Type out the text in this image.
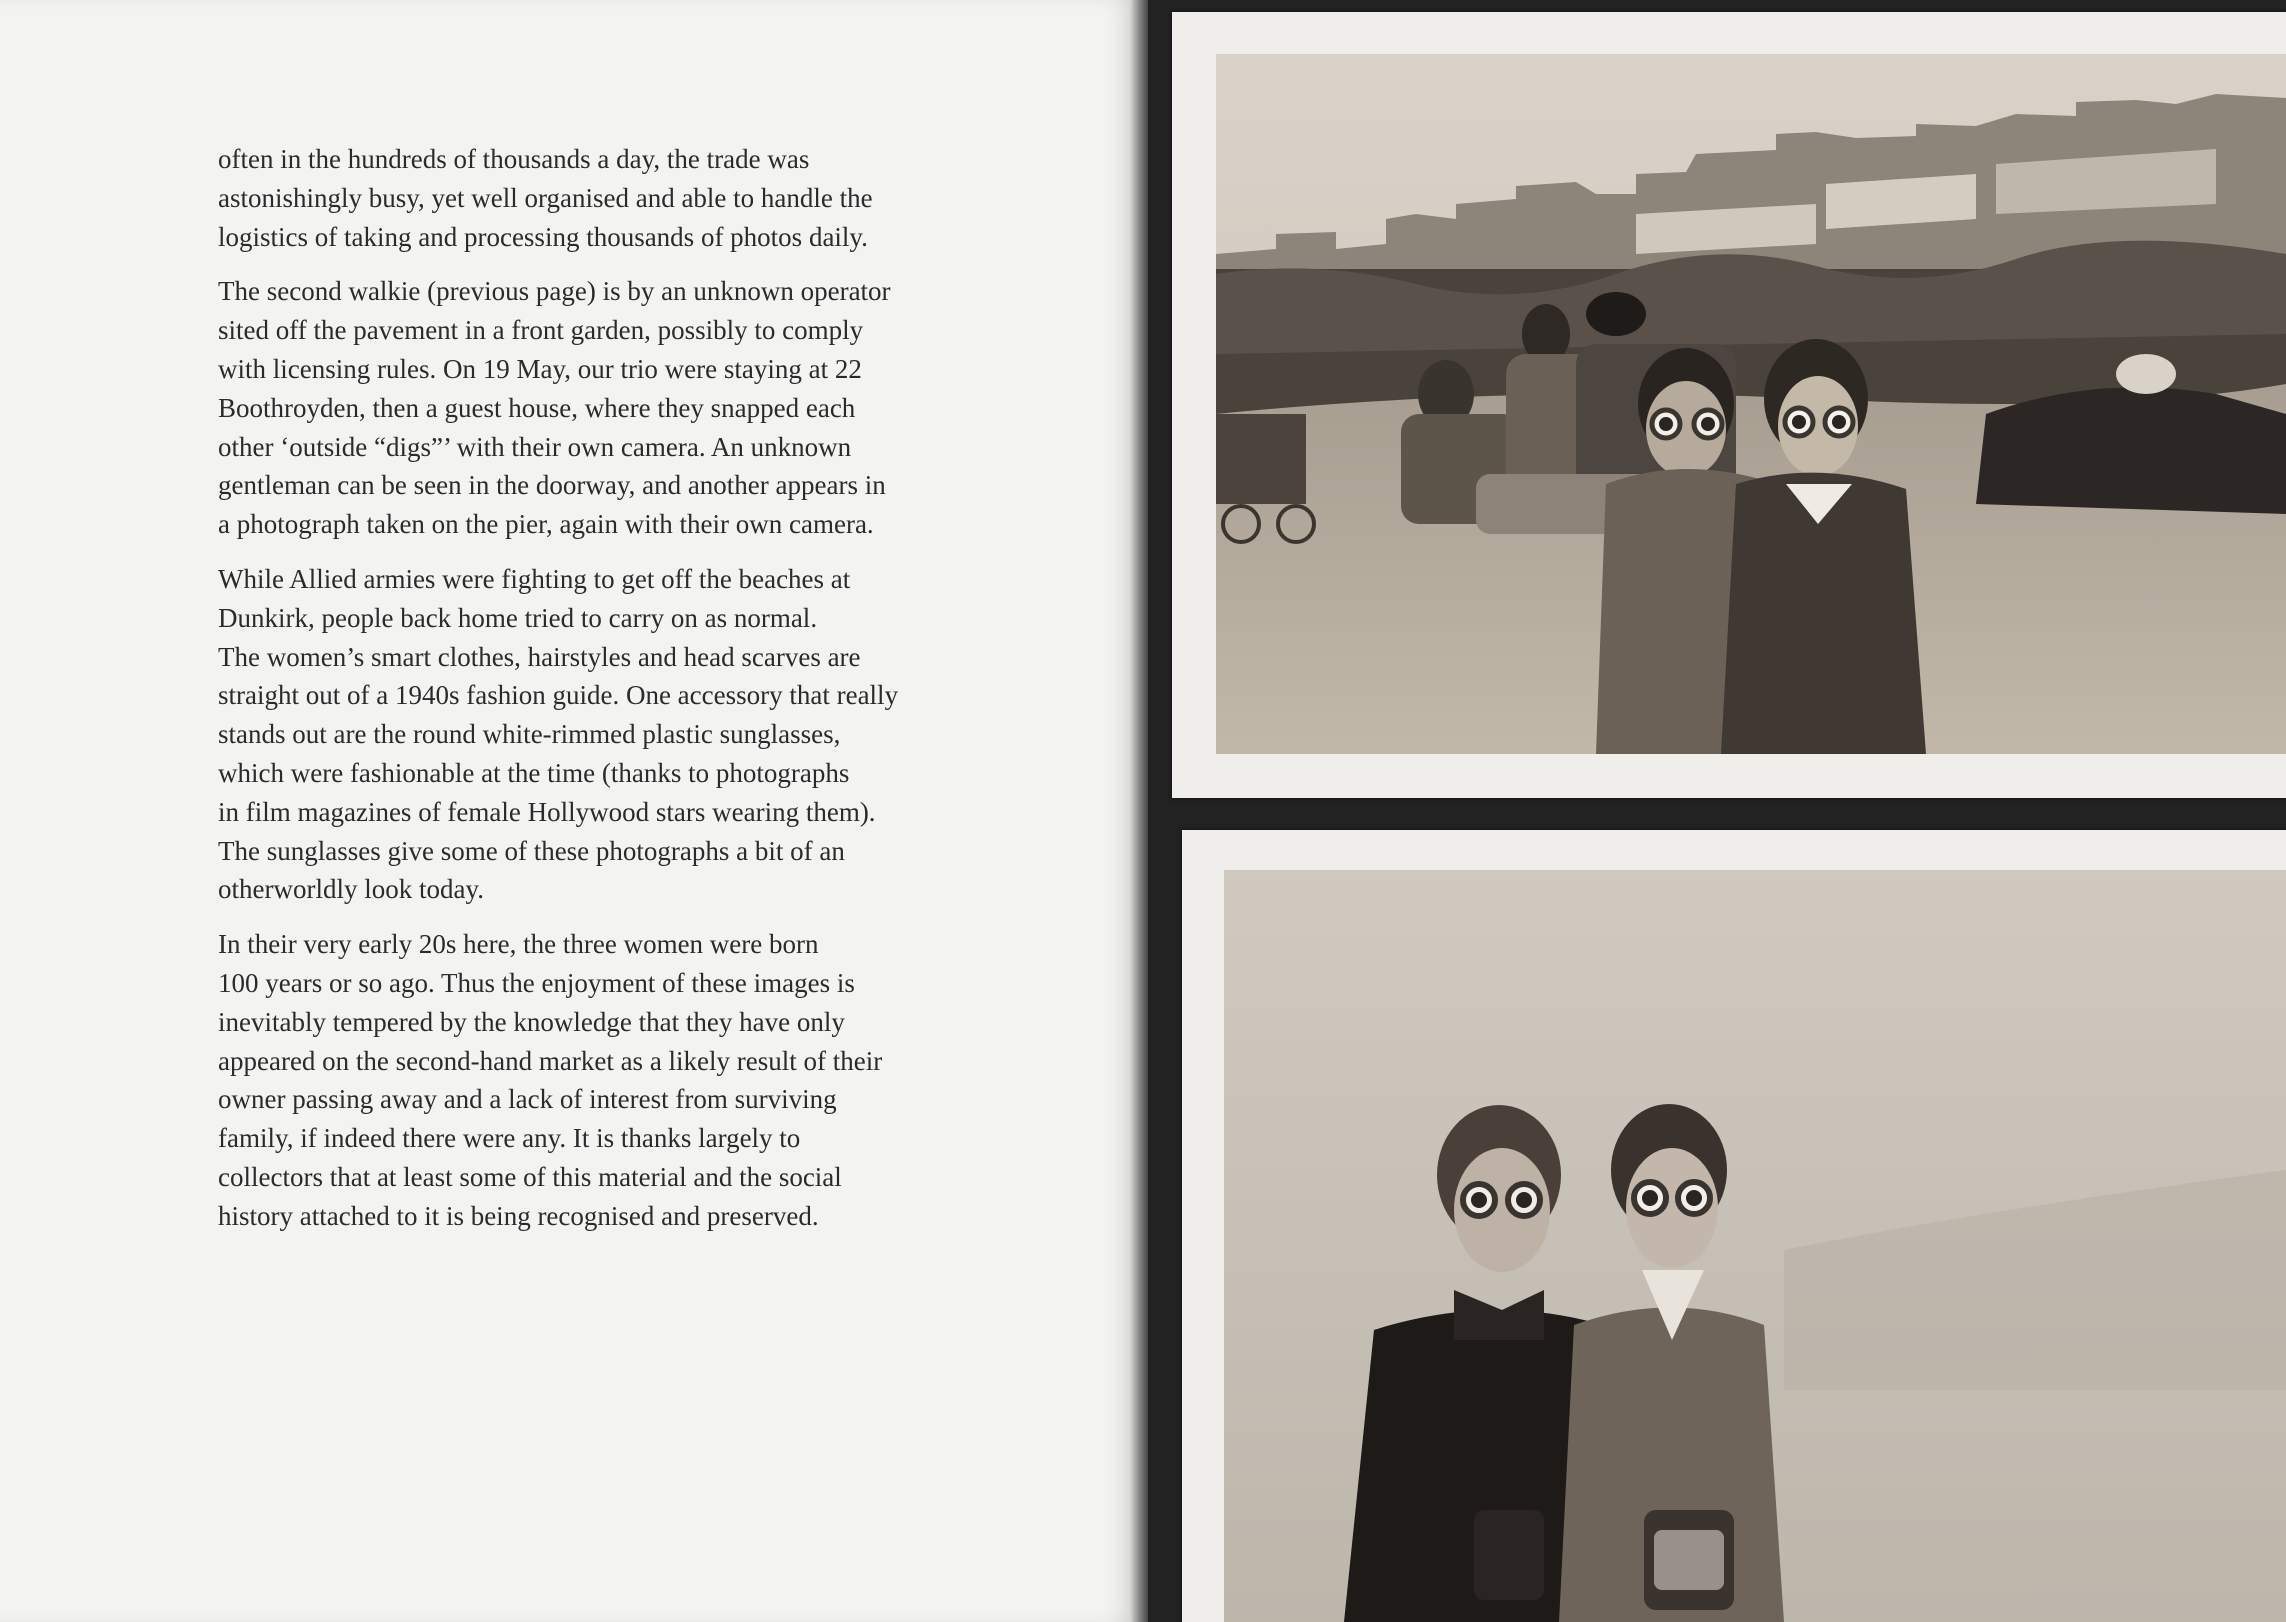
often in the hundreds of thousands a day, the trade was
astonishingly busy, yet well organised and able to handle the
logistics of taking and processing thousands of photos daily.

The second walkie (previous page) is by an unknown operator
sited off the pavement in a front garden, possibly to comply
with licensing rules. On 19 May, our trio were staying at 22
Boothroyden, then a guest house, where they snapped each
other ‘outside “digs”’ with their own camera. An unknown
gentleman can be seen in the doorway, and another appears in
a photograph taken on the pier, again with their own camera.

While Allied armies were fighting to get off the beaches at
Dunkirk, people back home tried to carry on as normal.
The women’s smart clothes, hairstyles and head scarves are
straight out of a 1940s fashion guide. One accessory that really
stands out are the round white-rimmed plastic sunglasses,
which were fashionable at the time (thanks to photographs
in film magazines of female Hollywood stars wearing them).
The sunglasses give some of these photographs a bit of an
otherworldly look today.

In their very early 20s here, the three women were born
100 years or so ago. Thus the enjoyment of these images is
inevitably tempered by the knowledge that they have only
appeared on the second-hand market as a likely result of their
owner passing away and a lack of interest from surviving
family, if indeed there were any. It is thanks largely to
collectors that at least some of this material and the social
history attached to it is being recognised and preserved.
